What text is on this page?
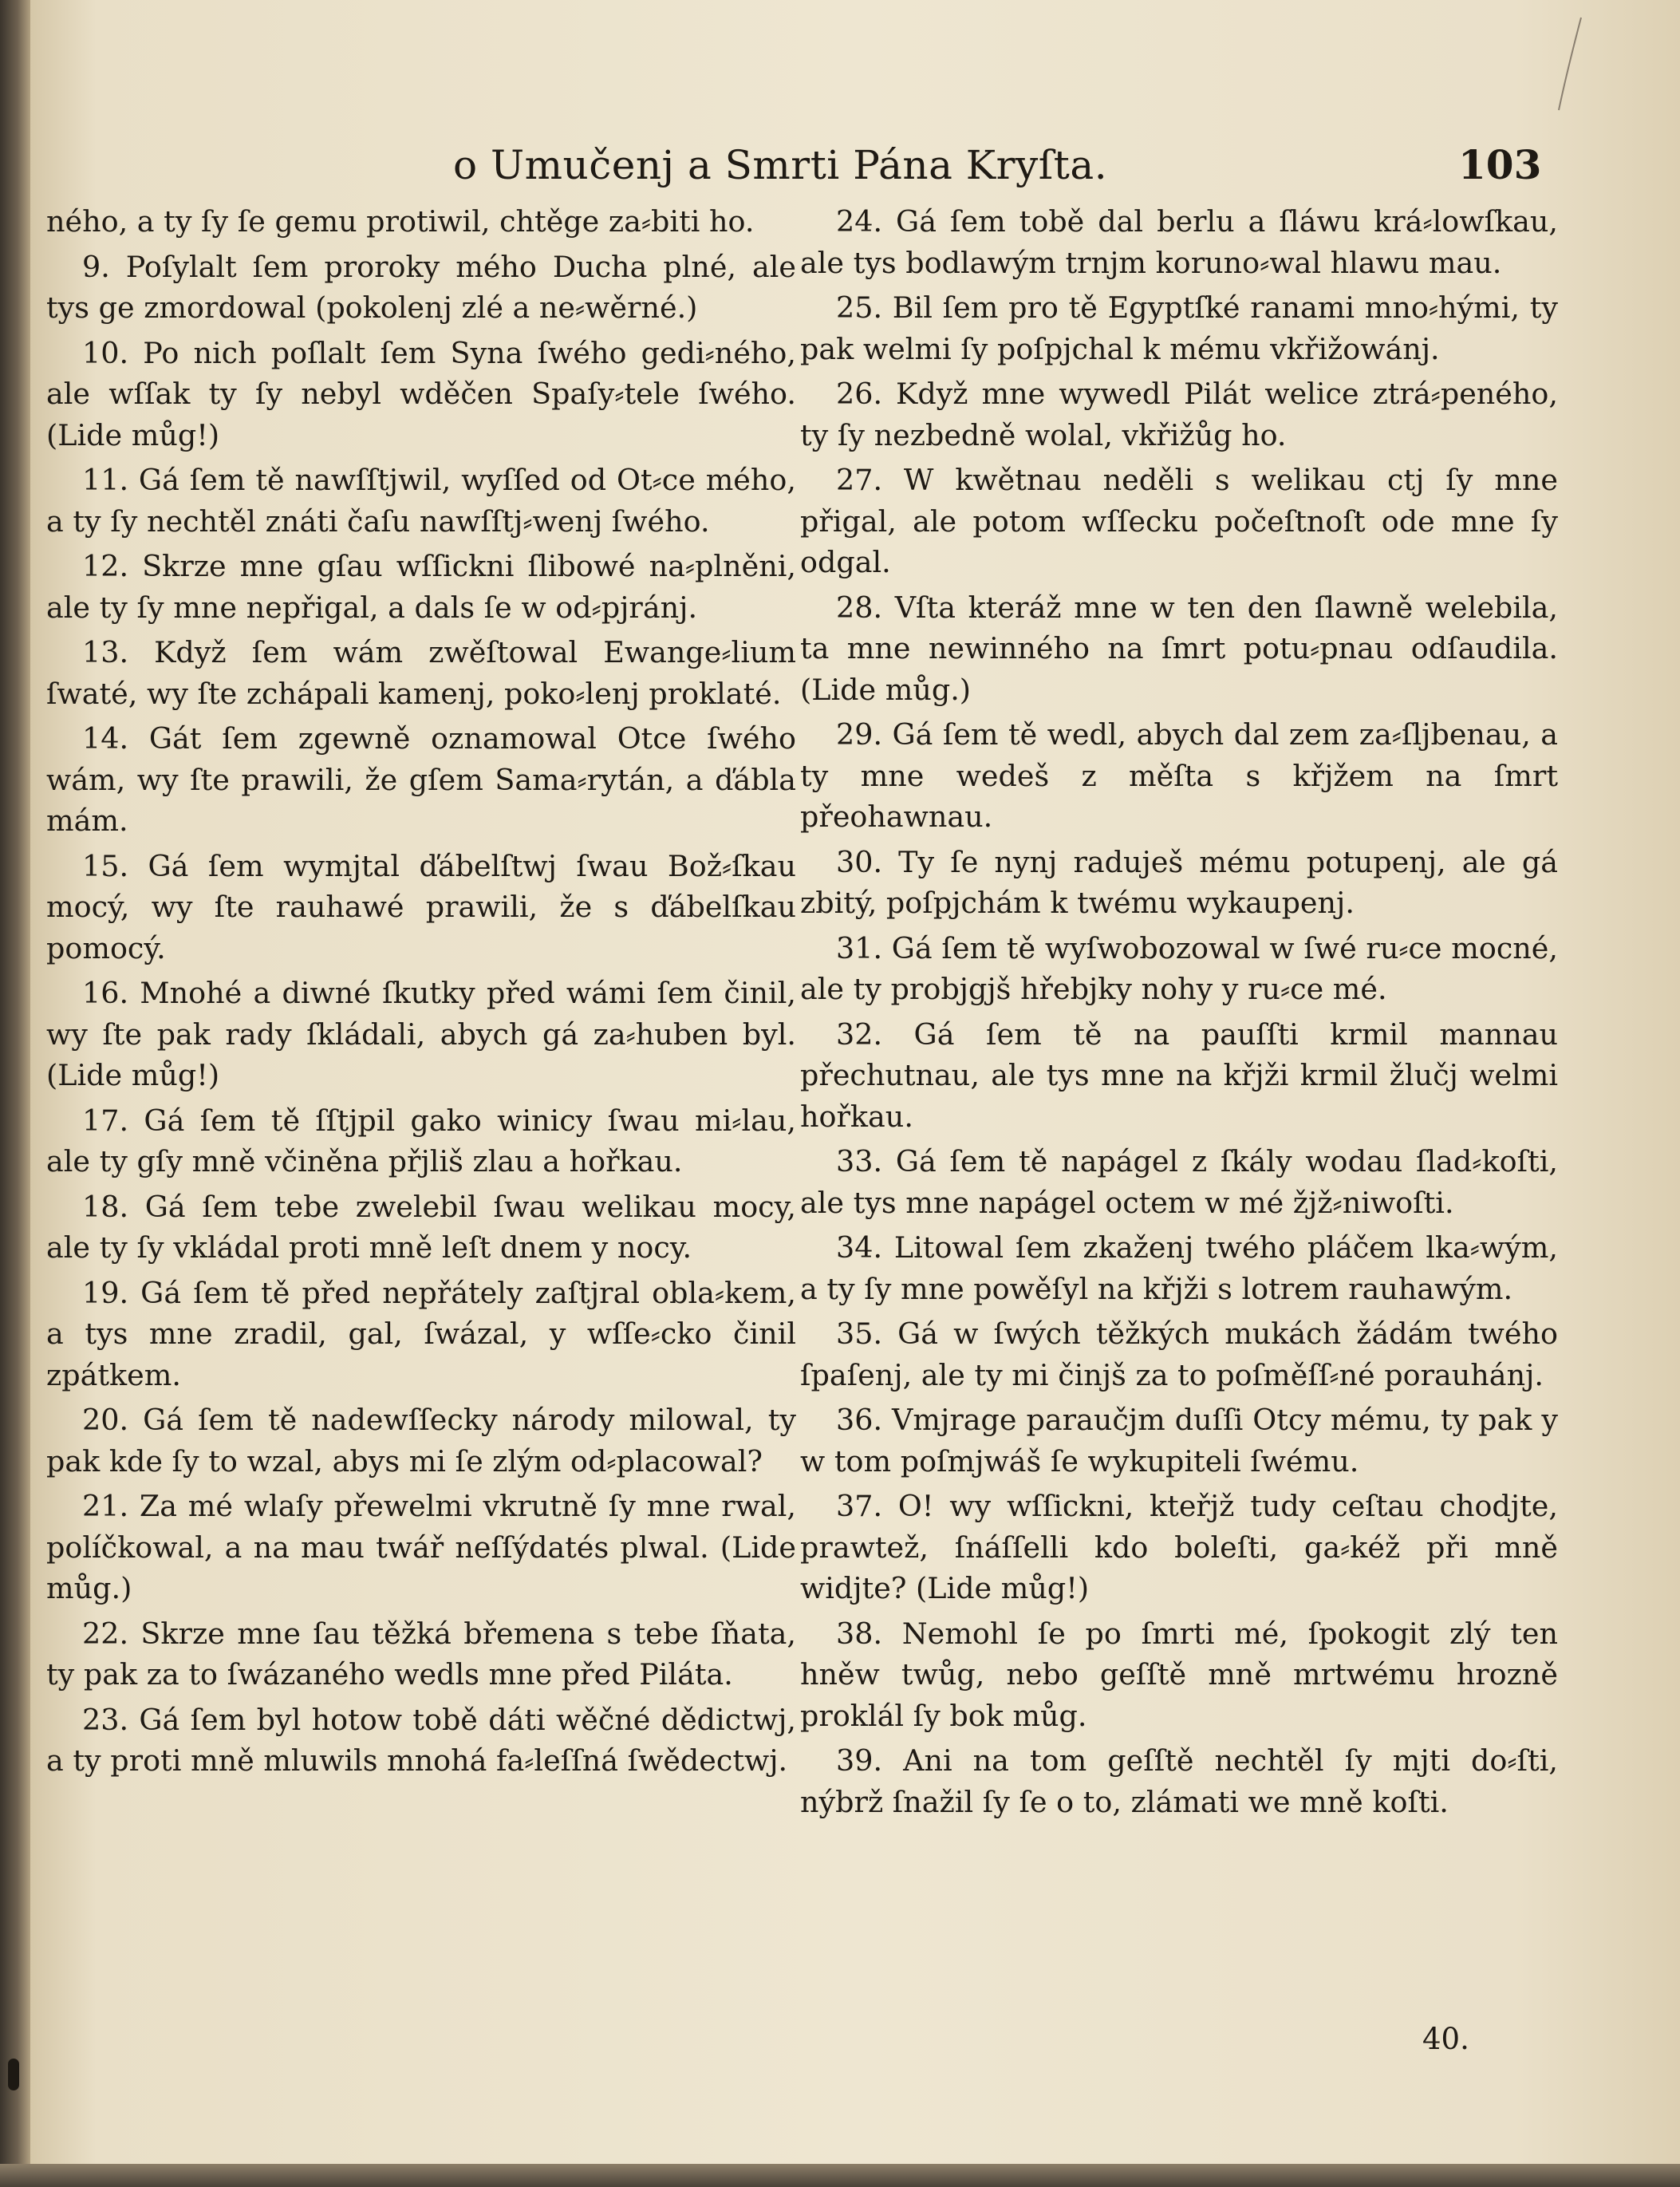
o Umučenj a Smrti Pána Kryſta.	103

ného, a ty ſy ſe gemu protiwil, chtěge za⸗biti ho.

9. Poſylalt ſem proroky mého Ducha plné, ale tys ge zmordowal (pokolenj zlé a ne⸗wěrné.)

10. Po nich poſlalt ſem Syna ſwého gedi⸗ného, ale wſſak ty ſy nebyl wděčen Spaſy⸗tele ſwého. (Lide můg!)

11. Gá ſem tě nawſſtjwil, wyſſed od Ot⸗ce mého, a ty ſy nechtěl znáti čaſu nawſſtj⸗wenj ſwého.

12. Skrze mne gſau wſſickni ſlibowé na⸗plněni, ale ty ſy mne nepřigal, a dals ſe w od⸗pjránj.

13. Když ſem wám zwěſtowal Ewange⸗lium ſwaté, wy ſte zchápali kamenj, poko⸗lenj proklaté.

14. Gát ſem zgewně oznamowal Otce ſwého wám, wy ſte prawili, že gſem Sama⸗rytán, a ďábla mám.

15. Gá ſem wymjtal ďábelſtwj ſwau Bož⸗ſkau mocý, wy ſte rauhawé prawili, že s ďábelſkau pomocý.

16. Mnohé a diwné ſkutky před wámi ſem činil, wy ſte pak rady ſkládali, abych gá za⸗huben byl. (Lide můg!)

17. Gá ſem tě ſſtjpil gako winicy ſwau mi⸗lau, ale ty gſy mně včiněna přjliš zlau a hořkau.

18. Gá ſem tebe zwelebil ſwau welikau mocy, ale ty ſy vkládal proti mně leſt dnem y nocy.

19. Gá ſem tě před nepřátely zaſtjral obla⸗kem, a tys mne zradil, gal, ſwázal, y wſſe⸗cko činil zpátkem.

20. Gá ſem tě nadewſſecky národy milowal, ty pak kde ſy to wzal, abys mi ſe zlým od⸗placowal?

21. Za mé wlaſy přewelmi vkrutně ſy mne rwal, políčkowal, a na mau twář neſſýdatés plwal. (Lide můg.)

22. Skrze mne ſau těžká břemena s tebe ſňata, ty pak za to ſwázaného wedls mne před Piláta.

23. Gá ſem byl hotow tobě dáti wěčné dědictwj, a ty proti mně mluwils mnohá fa⸗leſſná ſwědectwj.

24. Gá ſem tobě dal berlu a ſláwu krá⸗lowſkau, ale tys bodlawým trnjm koruno⸗wal hlawu mau.

25. Bil ſem pro tě Egyptſké ranami mno⸗hými, ty pak welmi ſy poſpjchal k mému vkřižowánj.

26. Když mne wywedl Pilát welice ztrá⸗peného, ty ſy nezbedně wolal, vkřižůg ho.

27. W kwětnau neděli s welikau ctj ſy mne přigal, ale potom wſſecku počeſtnoſt ode mne ſy odgal.

28. Vſta kteráž mne w ten den ſlawně welebila, ta mne newinného na ſmrt potu⸗pnau odſaudila. (Lide můg.)

29. Gá ſem tě wedl, abych dal zem za⸗ſljbenau, a ty mne wedeš z měſta s křjžem na ſmrt přeohawnau.

30. Ty ſe nynj raduješ mému potupenj, ale gá zbitý, poſpjchám k twému wykaupenj.

31. Gá ſem tě wyſwobozowal w ſwé ru⸗ce mocné, ale ty probjgjš hřebjky nohy y ru⸗ce mé.

32. Gá ſem tě na pauſſti krmil mannau přechutnau, ale tys mne na křjži krmil žlučj welmi hořkau.

33. Gá ſem tě napágel z ſkály wodau ſlad⸗koſti, ale tys mne napágel octem w mé žjž⸗niwoſti.

34. Litowal ſem zkaženj twého pláčem lka⸗wým, a ty ſy mne powěſyl na křjži s lotrem rauhawým.

35. Gá w ſwých těžkých mukách žádám twého ſpaſenj, ale ty mi činjš za to poſměſſ⸗né porauhánj.

36. Vmjrage paraučjm duſſi Otcy mému, ty pak y w tom poſmjwáš ſe wykupiteli ſwému.

37. O! wy wſſickni, kteřjž tudy ceſtau chodjte, prawtež, ſnáſſelli kdo boleſti, ga⸗kéž při mně widjte? (Lide můg!)

38. Nemohl ſe po ſmrti mé, ſpokogit zlý ten hněw twůg, nebo geſſtě mně mrtwému hrozně proklál ſy bok můg.

39. Ani na tom geſſtě nechtěl ſy mjti do⸗ſti, nýbrž ſnažil ſy ſe o to, zlámati we mně koſti.

40.
